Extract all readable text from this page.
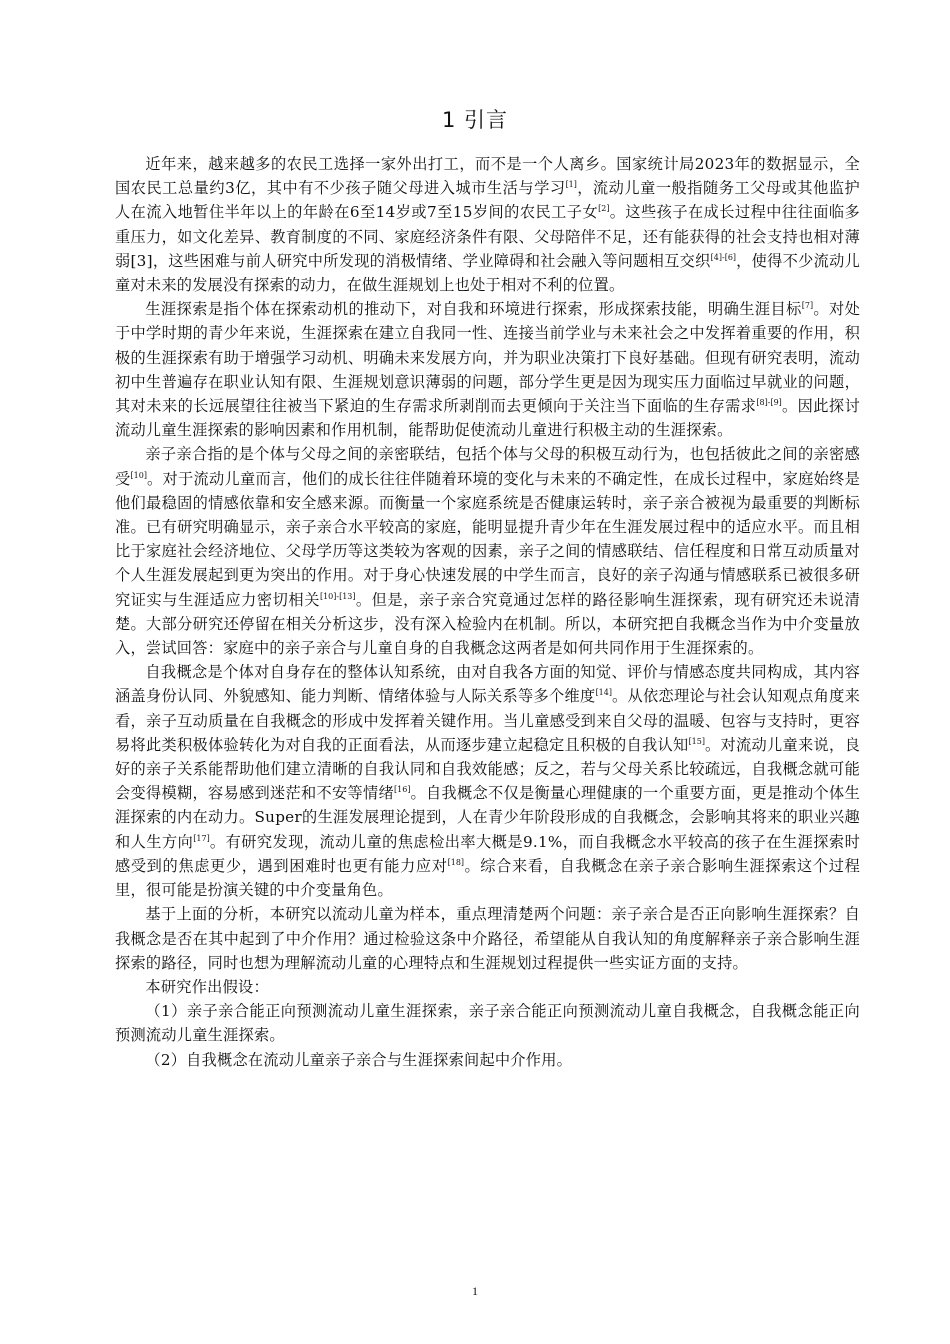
1 引言

近年来，越来越多的农民工选择一家外出打工，而不是一个人离乡。国家统计局2023年的数据显示，全国农民工总量约3亿，其中有不少孩子随父母进入城市生活与学习[1]，流动儿童一般指随务工父母或其他监护人在流入地暂住半年以上的年龄在6至14岁或7至15岁间的农民工子女[2]。这些孩子在成长过程中往往面临多重压力，如文化差异、教育制度的不同、家庭经济条件有限、父母陪伴不足，还有能获得的社会支持也相对薄弱[3]，这些困难与前人研究中所发现的消极情绪、学业障碍和社会融入等问题相互交织[4]-[6]，使得不少流动儿童对未来的发展没有探索的动力，在做生涯规划上也处于相对不利的位置。

生涯探索是指个体在探索动机的推动下，对自我和环境进行探索，形成探索技能，明确生涯目标[7]。对处于中学时期的青少年来说，生涯探索在建立自我同一性、连接当前学业与未来社会之中发挥着重要的作用，积极的生涯探索有助于增强学习动机、明确未来发展方向，并为职业决策打下良好基础。但现有研究表明，流动初中生普遍存在职业认知有限、生涯规划意识薄弱的问题，部分学生更是因为现实压力面临过早就业的问题，其对未来的长远展望往往被当下紧迫的生存需求所剥削而去更倾向于关注当下面临的生存需求[8]-[9]。因此探讨流动儿童生涯探索的影响因素和作用机制，能帮助促使流动儿童进行积极主动的生涯探索。

亲子亲合指的是个体与父母之间的亲密联结，包括个体与父母的积极互动行为，也包括彼此之间的亲密感受[10]。对于流动儿童而言，他们的成长往往伴随着环境的变化与未来的不确定性，在成长过程中，家庭始终是他们最稳固的情感依靠和安全感来源。而衡量一个家庭系统是否健康运转时，亲子亲合被视为最重要的判断标准。已有研究明确显示，亲子亲合水平较高的家庭，能明显提升青少年在生涯发展过程中的适应水平。而且相比于家庭社会经济地位、父母学历等这类较为客观的因素，亲子之间的情感联结、信任程度和日常互动质量对个人生涯发展起到更为突出的作用。对于身心快速发展的中学生而言，良好的亲子沟通与情感联系已被很多研究证实与生涯适应力密切相关[10]-[13]。但是，亲子亲合究竟通过怎样的路径影响生涯探索，现有研究还未说清楚。大部分研究还停留在相关分析这步，没有深入检验内在机制。所以，本研究把自我概念当作为中介变量放入，尝试回答：家庭中的亲子亲合与儿童自身的自我概念这两者是如何共同作用于生涯探索的。

自我概念是个体对自身存在的整体认知系统，由对自我各方面的知觉、评价与情感态度共同构成，其内容涵盖身份认同、外貌感知、能力判断、情绪体验与人际关系等多个维度[14]。从依恋理论与社会认知观点角度来看，亲子互动质量在自我概念的形成中发挥着关键作用。当儿童感受到来自父母的温暖、包容与支持时，更容易将此类积极体验转化为对自我的正面看法，从而逐步建立起稳定且积极的自我认知[15]。对流动儿童来说，良好的亲子关系能帮助他们建立清晰的自我认同和自我效能感；反之，若与父母关系比较疏远，自我概念就可能会变得模糊，容易感到迷茫和不安等情绪[16]。自我概念不仅是衡量心理健康的一个重要方面，更是推动个体生涯探索的内在动力。Super的生涯发展理论提到，人在青少年阶段形成的自我概念，会影响其将来的职业兴趣和人生方向[17]。有研究发现，流动儿童的焦虑检出率大概是9.1%，而自我概念水平较高的孩子在生涯探索时感受到的焦虑更少，遇到困难时也更有能力应对[18]。综合来看，自我概念在亲子亲合影响生涯探索这个过程里，很可能是扮演关键的中介变量角色。

基于上面的分析，本研究以流动儿童为样本，重点理清楚两个问题：亲子亲合是否正向影响生涯探索？自我概念是否在其中起到了中介作用？通过检验这条中介路径，希望能从自我认知的角度解释亲子亲合影响生涯探索的路径，同时也想为理解流动儿童的心理特点和生涯规划过程提供一些实证方面的支持。

本研究作出假设：

（1）亲子亲合能正向预测流动儿童生涯探索，亲子亲合能正向预测流动儿童自我概念，自我概念能正向预测流动儿童生涯探索。

（2）自我概念在流动儿童亲子亲合与生涯探索间起中介作用。

1
